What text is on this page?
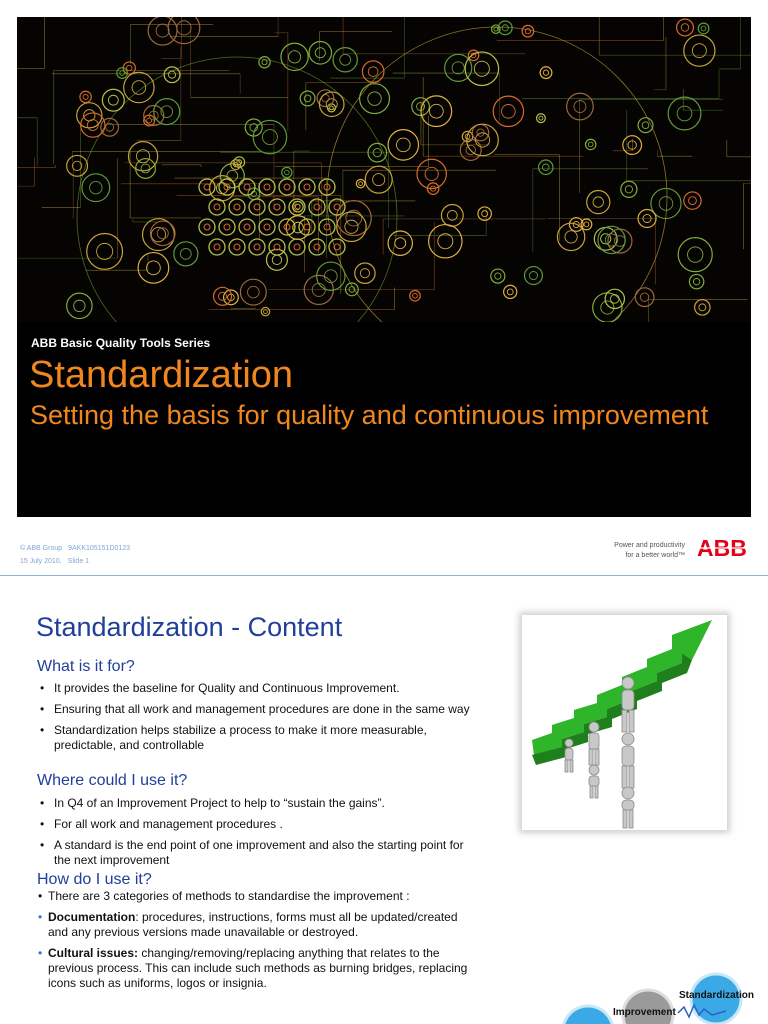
ABB Basic Quality Tools Series
Standardization
Setting the basis for quality and continuous improvement
© ABB Group 9AKK105151D0123
15 July 2010, Slide 1
Power and productivity
for a better world™ ABB
Standardization - Content
What is it for?
• It provides the baseline for Quality and Continuous Improvement.
• Ensuring that all work and management procedures are done in the same way
• Standardization helps stabilize a process to make it more measurable, predictable, and controllable
Where could I use it?
• In Q4 of an Improvement Project to help to “sustain the gains”.
• For all work and management procedures .
• A standard is the end point of one improvement and also the starting point for the next improvement
How do I use it?
• There are 3 categories of methods to standardise the improvement :
• Documentation: procedures, instructions, forms must all be updated/created and any previous versions made unavailable or destroyed.
• Cultural issues: changing/removing/replacing anything that relates to the previous process. This can include such methods as burning bridges, replacing icons such as uniforms, logos or insignia.
Standardization
Improvement
